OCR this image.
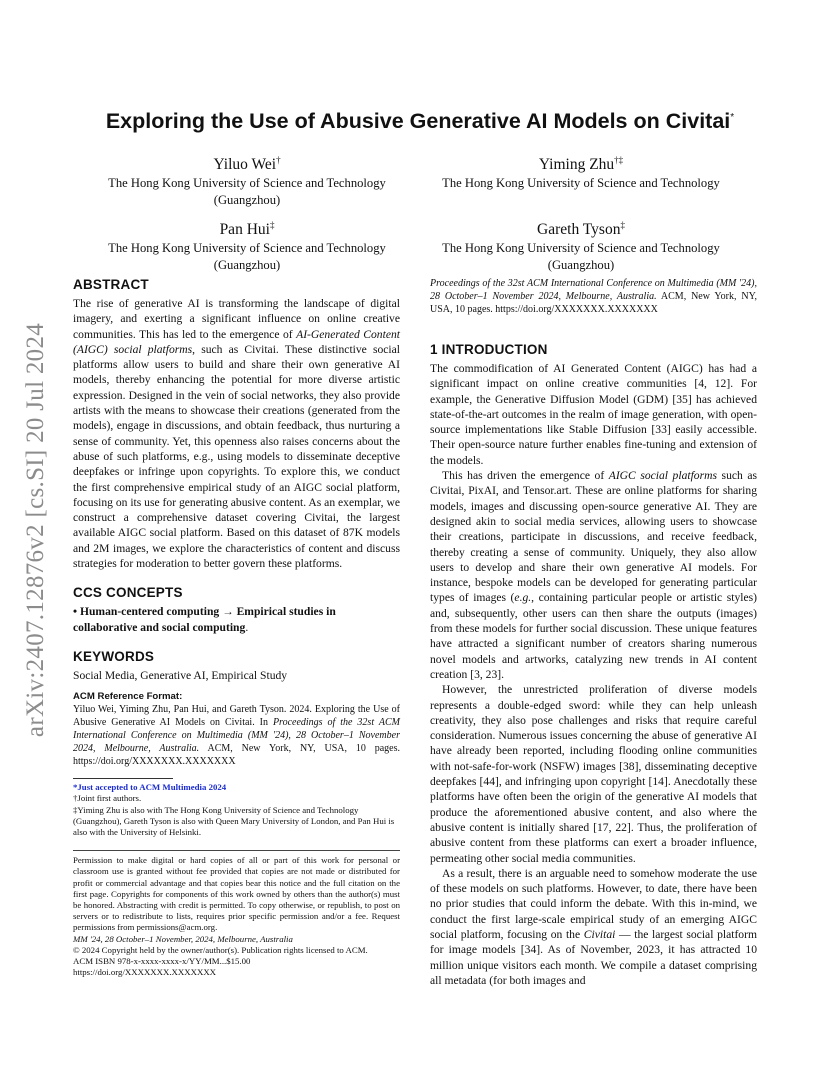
arXiv:2407.12876v2 [cs.SI] 20 Jul 2024
Exploring the Use of Abusive Generative AI Models on Civitai*
Yiluo Wei†
The Hong Kong University of Science and Technology
(Guangzhou)
Yiming Zhu†‡
The Hong Kong University of Science and Technology
Pan Hui‡
The Hong Kong University of Science and Technology
(Guangzhou)
Gareth Tyson‡
The Hong Kong University of Science and Technology
(Guangzhou)
ABSTRACT

The rise of generative AI is transforming the landscape of digital imagery, and exerting a significant influence on online creative communities. This has led to the emergence of AI-Generated Content (AIGC) social platforms, such as Civitai. These distinctive social platforms allow users to build and share their own generative AI models, thereby enhancing the potential for more diverse artistic expression. Designed in the vein of social networks, they also provide artists with the means to showcase their creations (generated from the models), engage in discussions, and obtain feedback, thus nurturing a sense of community. Yet, this openness also raises concerns about the abuse of such platforms, e.g., using models to disseminate deceptive deepfakes or infringe upon copyrights. To explore this, we conduct the first comprehensive empirical study of an AIGC social platform, focusing on its use for generating abusive content. As an exemplar, we construct a comprehensive dataset covering Civitai, the largest available AIGC social platform. Based on this dataset of 87K models and 2M images, we explore the characteristics of content and discuss strategies for moderation to better govern these platforms.

CCS CONCEPTS

• Human-centered computing → Empirical studies in collaborative and social computing.

KEYWORDS

Social Media, Generative AI, Empirical Study

ACM Reference Format:

Yiluo Wei, Yiming Zhu, Pan Hui, and Gareth Tyson. 2024. Exploring the Use of Abusive Generative AI Models on Civitai. In Proceedings of the 32st ACM International Conference on Multimedia (MM '24), 28 October–1 November 2024, Melbourne, Australia. ACM, New York, NY, USA, 10 pages. https://doi.org/XXXXXXX.XXXXXXX

*Just accepted to ACM Multimedia 2024

†Joint first authors.

‡Yiming Zhu is also with The Hong Kong University of Science and Technology (Guangzhou), Gareth Tyson is also with Queen Mary University of London, and Pan Hui is also with the University of Helsinki.

Permission to make digital or hard copies of all or part of this work for personal or classroom use is granted without fee provided that copies are not made or distributed for profit or commercial advantage and that copies bear this notice and the full citation on the first page. Copyrights for components of this work owned by others than the author(s) must be honored. Abstracting with credit is permitted. To copy otherwise, or republish, to post on servers or to redistribute to lists, requires prior specific permission and/or a fee. Request permissions from permissions@acm.org.

MM '24, 28 October–1 November, 2024, Melbourne, Australia

© 2024 Copyright held by the owner/author(s). Publication rights licensed to ACM.

ACM ISBN 978-x-xxxx-xxxx-x/YY/MM...$15.00

https://doi.org/XXXXXXX.XXXXXXX

Proceedings of the 32st ACM International Conference on Multimedia (MM '24), 28 October–1 November 2024, Melbourne, Australia. ACM, New York, NY, USA, 10 pages. https://doi.org/XXXXXXX.XXXXXXX

1 INTRODUCTION

The commodification of AI Generated Content (AIGC) has had a significant impact on online creative communities [4, 12]. For example, the Generative Diffusion Model (GDM) [35] has achieved state-of-the-art outcomes in the realm of image generation, with open-source implementations like Stable Diffusion [33] easily accessible. Their open-source nature further enables fine-tuning and extension of the models.

This has driven the emergence of AIGC social platforms such as Civitai, PixAI, and Tensor.art. These are online platforms for sharing models, images and discussing open-source generative AI. They are designed akin to social media services, allowing users to showcase their creations, participate in discussions, and receive feedback, thereby creating a sense of community. Uniquely, they also allow users to develop and share their own generative AI models. For instance, bespoke models can be developed for generating particular types of images (e.g., containing particular people or artistic styles) and, subsequently, other users can then share the outputs (images) from these models for further social discussion. These unique features have attracted a significant number of creators sharing numerous novel models and artworks, catalyzing new trends in AI content creation [3, 23].

However, the unrestricted proliferation of diverse models represents a double-edged sword: while they can help unleash creativity, they also pose challenges and risks that require careful consideration. Numerous issues concerning the abuse of generative AI have already been reported, including flooding online communities with not-safe-for-work (NSFW) images [38], disseminating deceptive deepfakes [44], and infringing upon copyright [14]. Anecdotally these platforms have often been the origin of the generative AI models that produce the aforementioned abusive content, and also where the abusive content is initially shared [17, 22]. Thus, the proliferation of abusive content from these platforms can exert a broader influence, permeating other social media communities.

As a result, there is an arguable need to somehow moderate the use of these models on such platforms. However, to date, there have been no prior studies that could inform the debate. With this in-mind, we conduct the first large-scale empirical study of an emerging AIGC social platform, focusing on the Civitai — the largest social platform for image models [34]. As of November, 2023, it has attracted 10 million unique visitors each month. We compile a dataset comprising all metadata (for both images and
